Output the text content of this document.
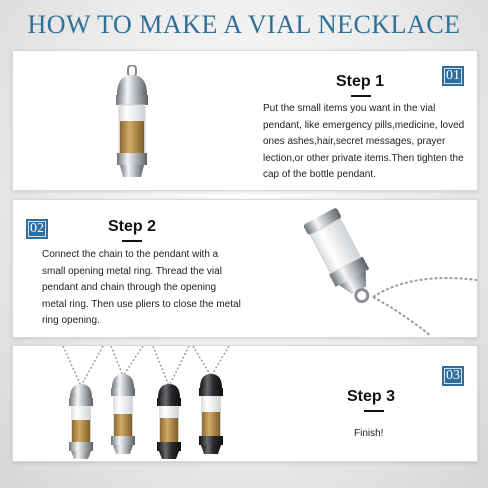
HOW TO MAKE A VIAL NECKLACE
Step 1	01
Put the small items you want in the vial pendant, like emergency pills,medicine, loved ones ashes,hair,secret messages, prayer lection,or other private items.Then tighten the cap of the bottle pendant.
02	Step 2
Connect the chain to the pendant with a small opening metal ring. Thread the vial pendant and chain through the opening metal ring. Then use pliers to close the metal ring opening.
03
Step 3
Finish!
